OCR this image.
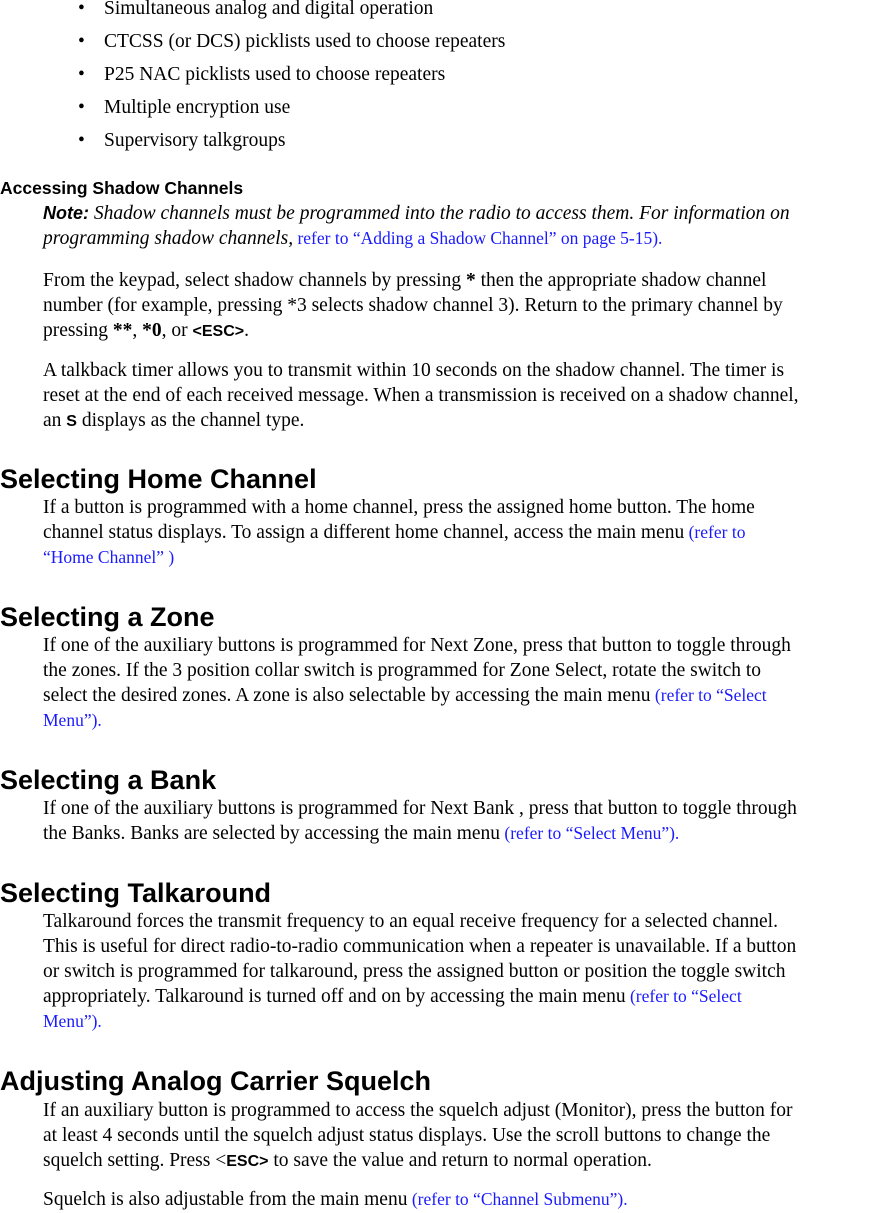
• Simultaneous analog and digital operation
• CTCSS (or DCS) picklists used to choose repeaters
• P25 NAC picklists used to choose repeaters
• Multiple encryption use
• Supervisory talkgroups
Accessing Shadow Channels
Note: Shadow channels must be programmed into the radio to access them. For information on
programming shadow channels, refer to “Adding a Shadow Channel” on page 5-15).
From the keypad, select shadow channels by pressing * then the appropriate shadow channel
number (for example, pressing *3 selects shadow channel 3). Return to the primary channel by
pressing **, *0, or <ESC>.
A talkback timer allows you to transmit within 10 seconds on the shadow channel. The timer is
reset at the end of each received message. When a transmission is received on a shadow channel,
an S displays as the channel type.
Selecting Home Channel
If a button is programmed with a home channel, press the assigned home button. The home
channel status displays. To assign a different home channel, access the main menu (refer to
“Home Channel” )
Selecting a Zone
If one of the auxiliary buttons is programmed for Next Zone, press that button to toggle through
the zones. If the 3 position collar switch is programmed for Zone Select, rotate the switch to
select the desired zones. A zone is also selectable by accessing the main menu (refer to “Select
Menu”).
Selecting a Bank
If one of the auxiliary buttons is programmed for Next Bank , press that button to toggle through
the Banks. Banks are selected by accessing the main menu (refer to “Select Menu”).
Selecting Talkaround
Talkaround forces the transmit frequency to an equal receive frequency for a selected channel.
This is useful for direct radio-to-radio communication when a repeater is unavailable. If a button
or switch is programmed for talkaround, press the assigned button or position the toggle switch
appropriately. Talkaround is turned off and on by accessing the main menu (refer to “Select
Menu”).
Adjusting Analog Carrier Squelch
If an auxiliary button is programmed to access the squelch adjust (Monitor), press the button for
at least 4 seconds until the squelch adjust status displays. Use the scroll buttons to change the
squelch setting. Press <ESC> to save the value and return to normal operation.
Squelch is also adjustable from the main menu (refer to “Channel Submenu”).
